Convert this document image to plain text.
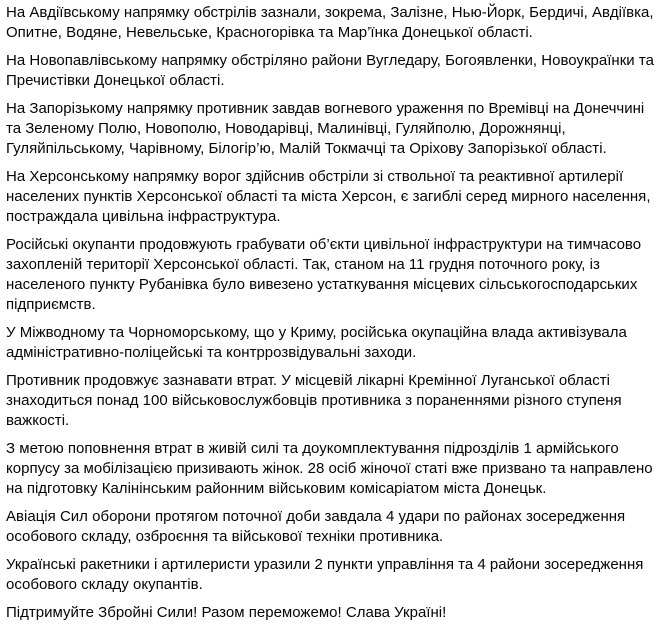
На Авдіївському напрямку обстрілів зазнали, зокрема, Залізне, Нью-Йорк, Бердичі, Авдіївка, Опитне, Водяне, Невельське, Красногорівка та Мар’їнка Донецької області.

На Новопавлівському напрямку обстріляно райони Вугледару, Богоявленки, Новоукраїнки та Пречистівки Донецької області.

На Запорізькому напрямку противник завдав вогневого ураження по Времівці на Донеччині та Зеленому Полю, Новополю, Новодарівці, Малинівці, Гуляйполю, Дорожнянці, Гуляйпільському, Чарівному, Білогір’ю, Малій Токмачці та Оріхову Запорізької області.

На Херсонському напрямку ворог здійснив обстріли зі ствольної та реактивної артилерії населених пунктів Херсонської області та міста Херсон, є загиблі серед мирного населення, постраждала цивільна інфраструктура.

Російські окупанти продовжують грабувати об’єкти цивільної інфраструктури на тимчасово захопленій території Херсонської області. Так, станом на 11 грудня поточного року, із населеного пункту Рубанівка було вивезено устаткування місцевих сільськогосподарських підприємств.

У Міжводному та Чорноморському, що у Криму, російська окупаційна влада активізувала адміністративно-поліцейські та контррозвідувальні заходи.

Противник продовжує зазнавати втрат. У місцевій лікарні Кремінної Луганської області знаходиться понад 100 військовослужбовців противника з пораненнями різного ступеня важкості.

З метою поповнення втрат в живій силі та доукомплектування підрозділів 1 армійського корпусу за мобілізацією призивають жінок. 28 осіб жіночої статі вже призвано та направлено на підготовку Калінінським районним військовим комісаріатом міста Донецьк.

Авіація Сил оборони протягом поточної доби завдала 4 удари по районах зосередження особового складу, озброєння та військової техніки противника.

Українські ракетники і артилеристи уразили 2 пункти управління та 4 райони зосередження особового складу окупантів.

Підтримуйте Збройні Сили! Разом переможемо! Слава Україні!
